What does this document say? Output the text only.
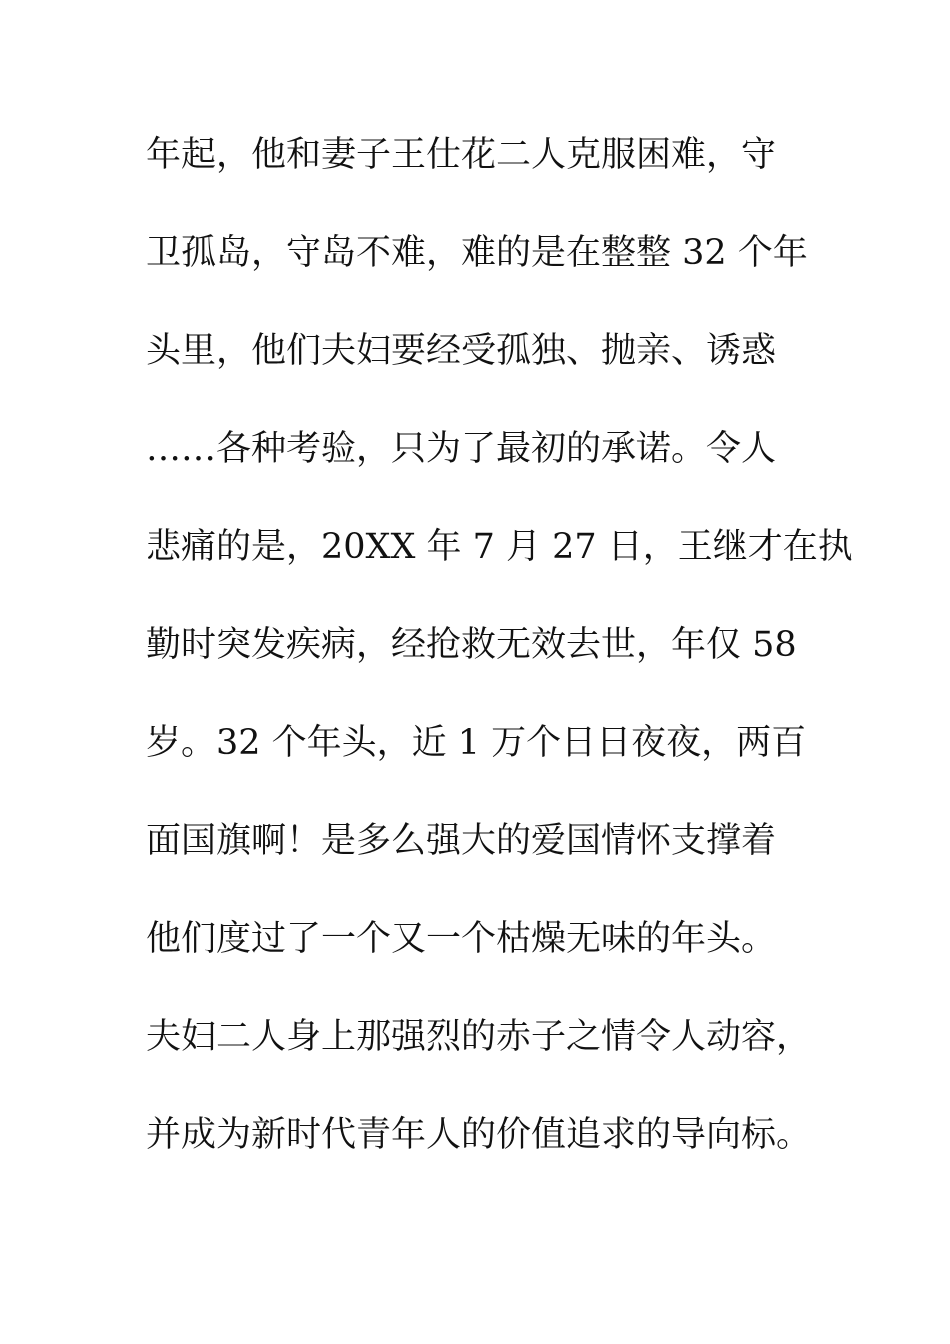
年起，他和妻子王仕花二人克服困难，守
卫孤岛，守岛不难，难的是在整整 32 个年
头里，他们夫妇要经受孤独、抛亲、诱惑
……各种考验，只为了最初的承诺。令人
悲痛的是，20XX 年 7 月 27 日，王继才在执
勤时突发疾病，经抢救无效去世，年仅 58
岁。32 个年头，近 1 万个日日夜夜，两百
面国旗啊！是多么强大的爱国情怀支撑着
他们度过了一个又一个枯燥无味的年头。
夫妇二人身上那强烈的赤子之情令人动容，
并成为新时代青年人的价值追求的导向标。
